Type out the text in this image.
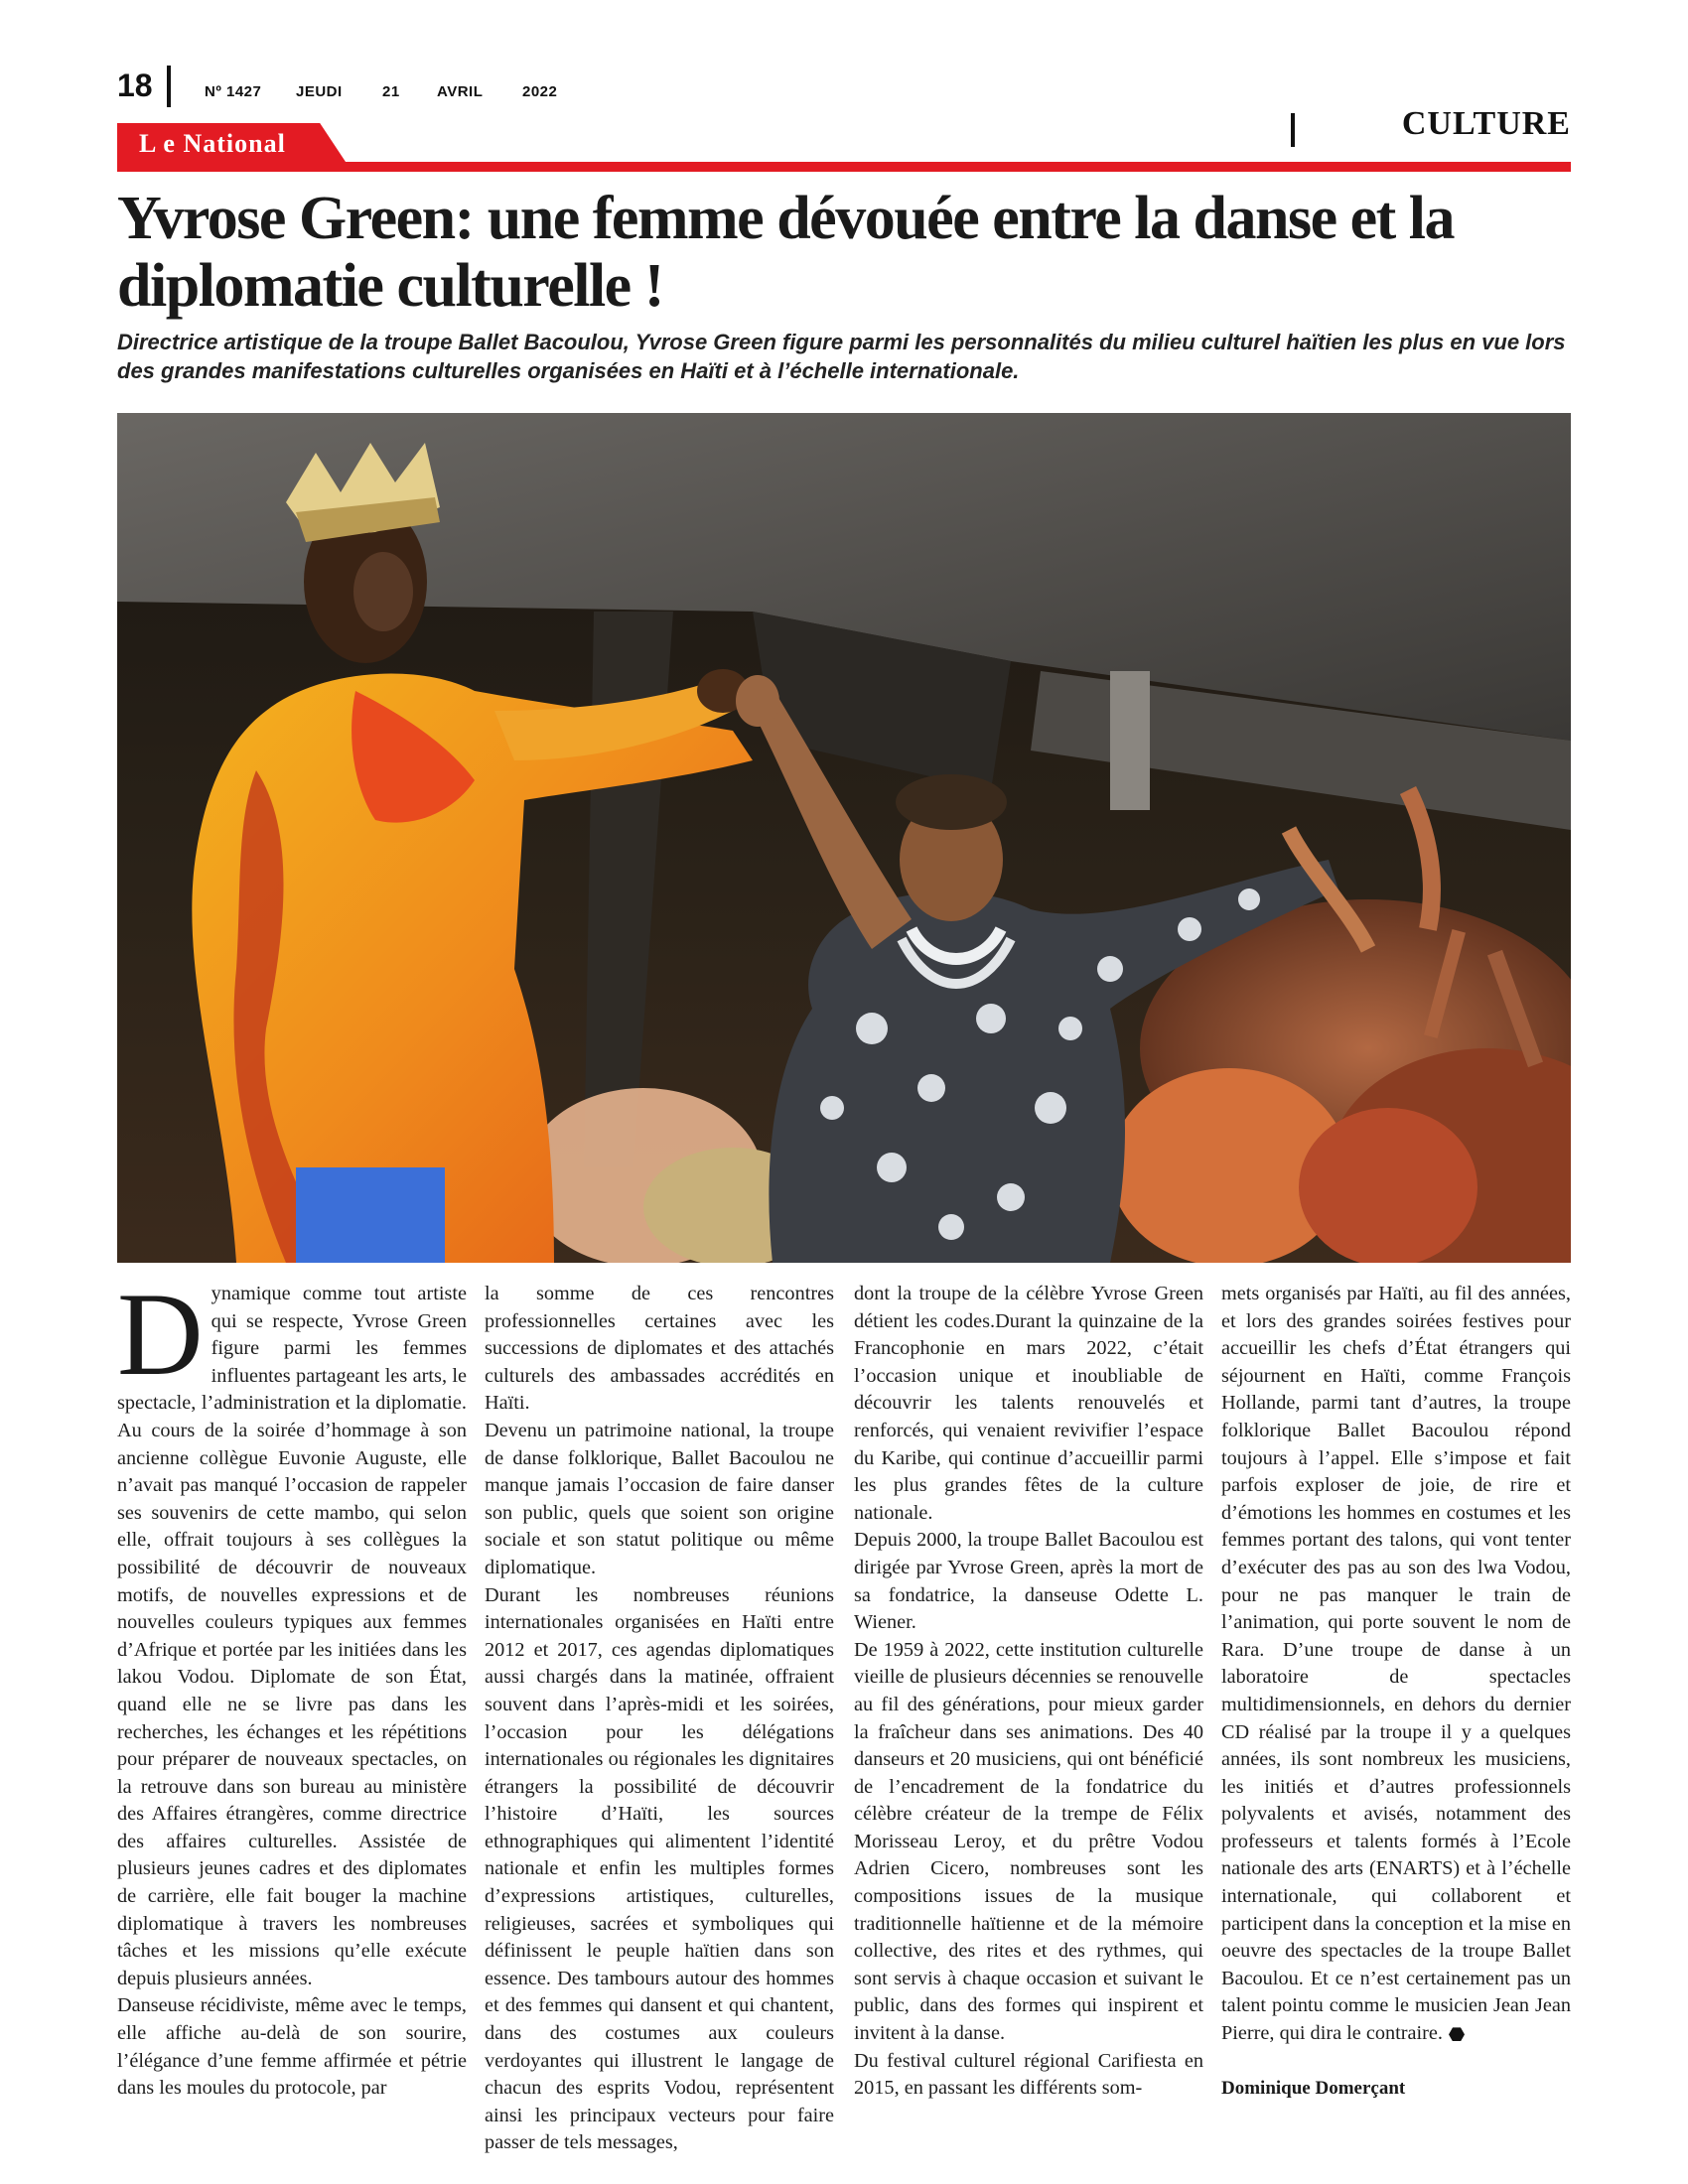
18	Nº 1427 JEUDI	21 AVRIL	2022
CULTURE
L e National
Yvrose Green: une femme dévouée entre la danse et la diplomatie culturelle !

Directrice artistique de la troupe Ballet Bacoulou, Yvrose Green figure parmi les personnalités du milieu culturel haïtien les plus en vue lors des grandes manifestations culturelles organisées en Haïti et à l’échelle internationale.

D ynamique comme tout artiste qui se respecte, Yvrose Green figure parmi les femmes influentes partageant les arts, le spectacle, l’administration et la diplomatie. Au cours de la soirée d’hommage à son ancienne collègue Euvonie Auguste, elle n’avait pas manqué l’occasion de rappeler ses souvenirs de cette mambo, qui selon elle, offrait toujours à ses collègues la possibilité de découvrir de nouveaux motifs, de nouvelles expressions et de nouvelles couleurs typiques aux femmes d’Afrique et portée par les initiées dans les lakou Vodou. Diplomate de son État, quand elle ne se livre pas dans les recherches, les échanges et les répétitions pour préparer de nouveaux spectacles, on la retrouve dans son bureau au ministère des Affaires étrangères, comme directrice des affaires culturelles. Assistée de plusieurs jeunes cadres et des diplomates de carrière, elle fait bouger la machine diplomatique à travers les nombreuses tâches et les missions qu’elle exécute depuis plusieurs années.

Danseuse récidiviste, même avec le temps, elle affiche au-delà de son sourire, l’élégance d’une femme affirmée et pétrie dans les moules du protocole, par

la somme de ces rencontres professionnelles certaines avec les successions de diplomates et des attachés culturels des ambassades accrédités en Haïti.

Devenu un patrimoine national, la troupe de danse folklorique, Ballet Bacoulou ne manque jamais l’occasion de faire danser son public, quels que soient son origine sociale et son statut politique ou même diplomatique.

Durant les nombreuses réunions internationales organisées en Haïti entre 2012 et 2017, ces agendas diplomatiques aussi chargés dans la matinée, offraient souvent dans l’après-midi et les soirées, l’occasion pour les délégations internationales ou régionales les dignitaires étrangers la possibilité de découvrir l’histoire d’Haïti, les sources ethnographiques qui alimentent l’identité nationale et enfin les multiples formes d’expressions artistiques, culturelles, religieuses, sacrées et symboliques qui définissent le peuple haïtien dans son essence. Des tambours autour des hommes et des femmes qui dansent et qui chantent, dans des costumes aux couleurs verdoyantes qui illustrent le langage de chacun des esprits Vodou, représentent ainsi les principaux vecteurs pour faire passer de tels messages,

dont la troupe de la célèbre Yvrose Green détient les codes.Durant la quinzaine de la Francophonie en mars 2022, c’était l’occasion unique et inoubliable de découvrir les talents renouvelés et renforcés, qui venaient revivifier l’espace du Karibe, qui continue d’accueillir parmi les plus grandes fêtes de la culture nationale.

Depuis 2000, la troupe Ballet Bacoulou est dirigée par Yvrose Green, après la mort de sa fondatrice, la danseuse Odette L. Wiener.

De 1959 à 2022, cette institution culturelle vieille de plusieurs décennies se renouvelle au fil des générations, pour mieux garder la fraîcheur dans ses animations. Des 40 danseurs et 20 musiciens, qui ont bénéficié de l’encadrement de la fondatrice du célèbre créateur de la trempe de Félix Morisseau Leroy, et du prêtre Vodou Adrien Cicero, nombreuses sont les compositions issues de la musique traditionnelle haïtienne et de la mémoire collective, des rites et des rythmes, qui sont servis à chaque occasion et suivant le public, dans des formes qui inspirent et invitent à la danse.

Du festival culturel régional Carifiesta en 2015, en passant les différents som-

mets organisés par Haïti, au fil des années, et lors des grandes soirées festives pour accueillir les chefs d’État étrangers qui séjournent en Haïti, comme François Hollande, parmi tant d’autres, la troupe folklorique Ballet Bacoulou répond toujours à l’appel. Elle s’impose et fait parfois exploser de joie, de rire et d’émotions les hommes en costumes et les femmes portant des talons, qui vont tenter d’exécuter des pas au son des lwa Vodou, pour ne pas manquer le train de l’animation, qui porte souvent le nom de Rara. D’une troupe de danse à un laboratoire de spectacles multidimensionnels, en dehors du dernier CD réalisé par la troupe il y a quelques années, ils sont nombreux les musiciens, les initiés et d’autres professionnels polyvalents et avisés, notamment des professeurs et talents formés à l’Ecole nationale des arts (ENARTS) et à l’échelle internationale, qui collaborent et participent dans la conception et la mise en oeuvre des spectacles de la troupe Ballet Bacoulou. Et ce n’est certainement pas un talent pointu comme le musicien Jean Jean Pierre, qui dira le contraire.

Dominique Domerçant
